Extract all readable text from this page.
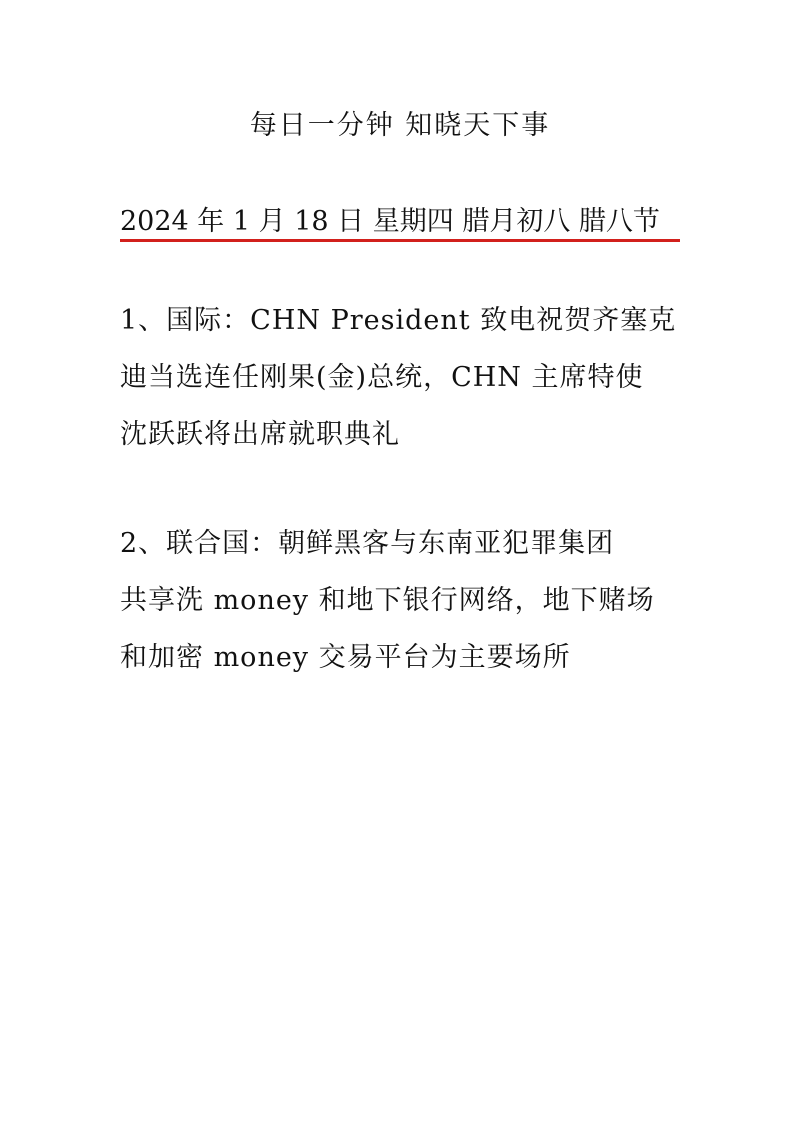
每日一分钟 知晓天下事
2024 年 1 月 18 日 星期四 腊月初八 腊八节
1、国际：CHN President 致电祝贺齐塞克
迪当选连任刚果(金)总统，CHN 主席特使
沈跃跃将出席就职典礼
2、联合国：朝鲜黑客与东南亚犯罪集团
共享洗 money 和地下银行网络，地下赌场
和加密 money 交易平台为主要场所
